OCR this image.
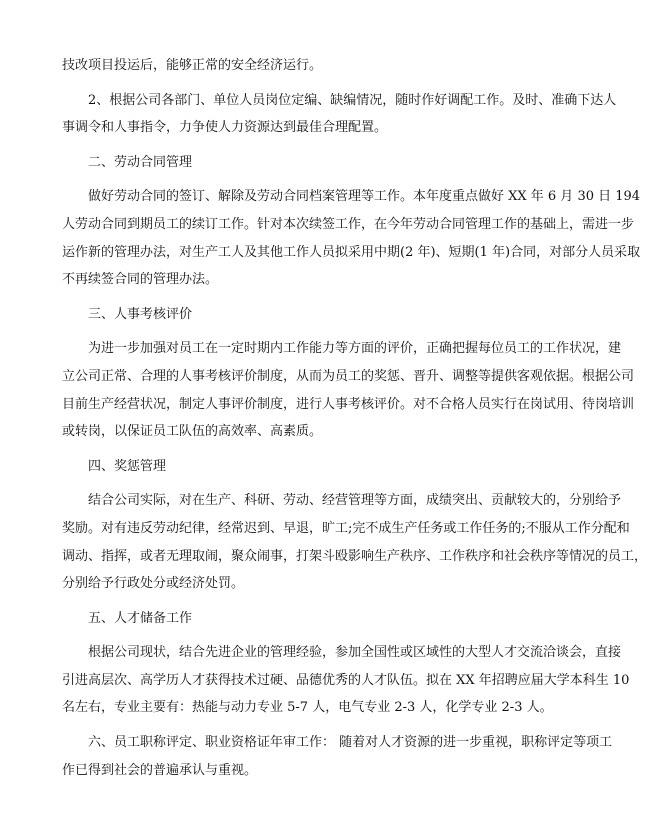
技改项目投运后，能够正常的安全经济运行。
2、根据公司各部门、单位人员岗位定编、缺编情况，随时作好调配工作。及时、准确下达人
事调令和人事指令，力争使人力资源达到最佳合理配置。
二、劳动合同管理
做好劳动合同的签订、解除及劳动合同档案管理等工作。本年度重点做好 XX 年 6 月 30 日 194
人劳动合同到期员工的续订工作。针对本次续签工作，在今年劳动合同管理工作的基础上，需进一步
运作新的管理办法，对生产工人及其他工作人员拟采用中期(2 年)、短期(1 年)合同，对部分人员采取
不再续签合同的管理办法。
三、人事考核评价
为进一步加强对员工在一定时期内工作能力等方面的评价，正确把握每位员工的工作状况，建
立公司正常、合理的人事考核评价制度，从而为员工的奖惩、晋升、调整等提供客观依据。根据公司
目前生产经营状况，制定人事评价制度，进行人事考核评价。对不合格人员实行在岗试用、待岗培训
或转岗，以保证员工队伍的高效率、高素质。
四、奖惩管理
结合公司实际，对在生产、科研、劳动、经营管理等方面，成绩突出、贡献较大的，分别给予
奖励。对有违反劳动纪律，经常迟到、早退，旷工;完不成生产任务或工作任务的;不服从工作分配和
调动、指挥，或者无理取闹，聚众闹事，打架斗殴影响生产秩序、工作秩序和社会秩序等情况的员工，
分别给予行政处分或经济处罚。
五、人才储备工作
根据公司现状，结合先进企业的管理经验，参加全国性或区域性的大型人才交流洽谈会，直接
引进高层次、高学历人才获得技术过硬、品德优秀的人才队伍。拟在 XX 年招聘应届大学本科生 10
名左右，专业主要有：热能与动力专业 5-7 人，电气专业 2-3 人，化学专业 2-3 人。
六、员工职称评定、职业资格证年审工作： 随着对人才资源的进一步重视，职称评定等项工
作已得到社会的普遍承认与重视。
